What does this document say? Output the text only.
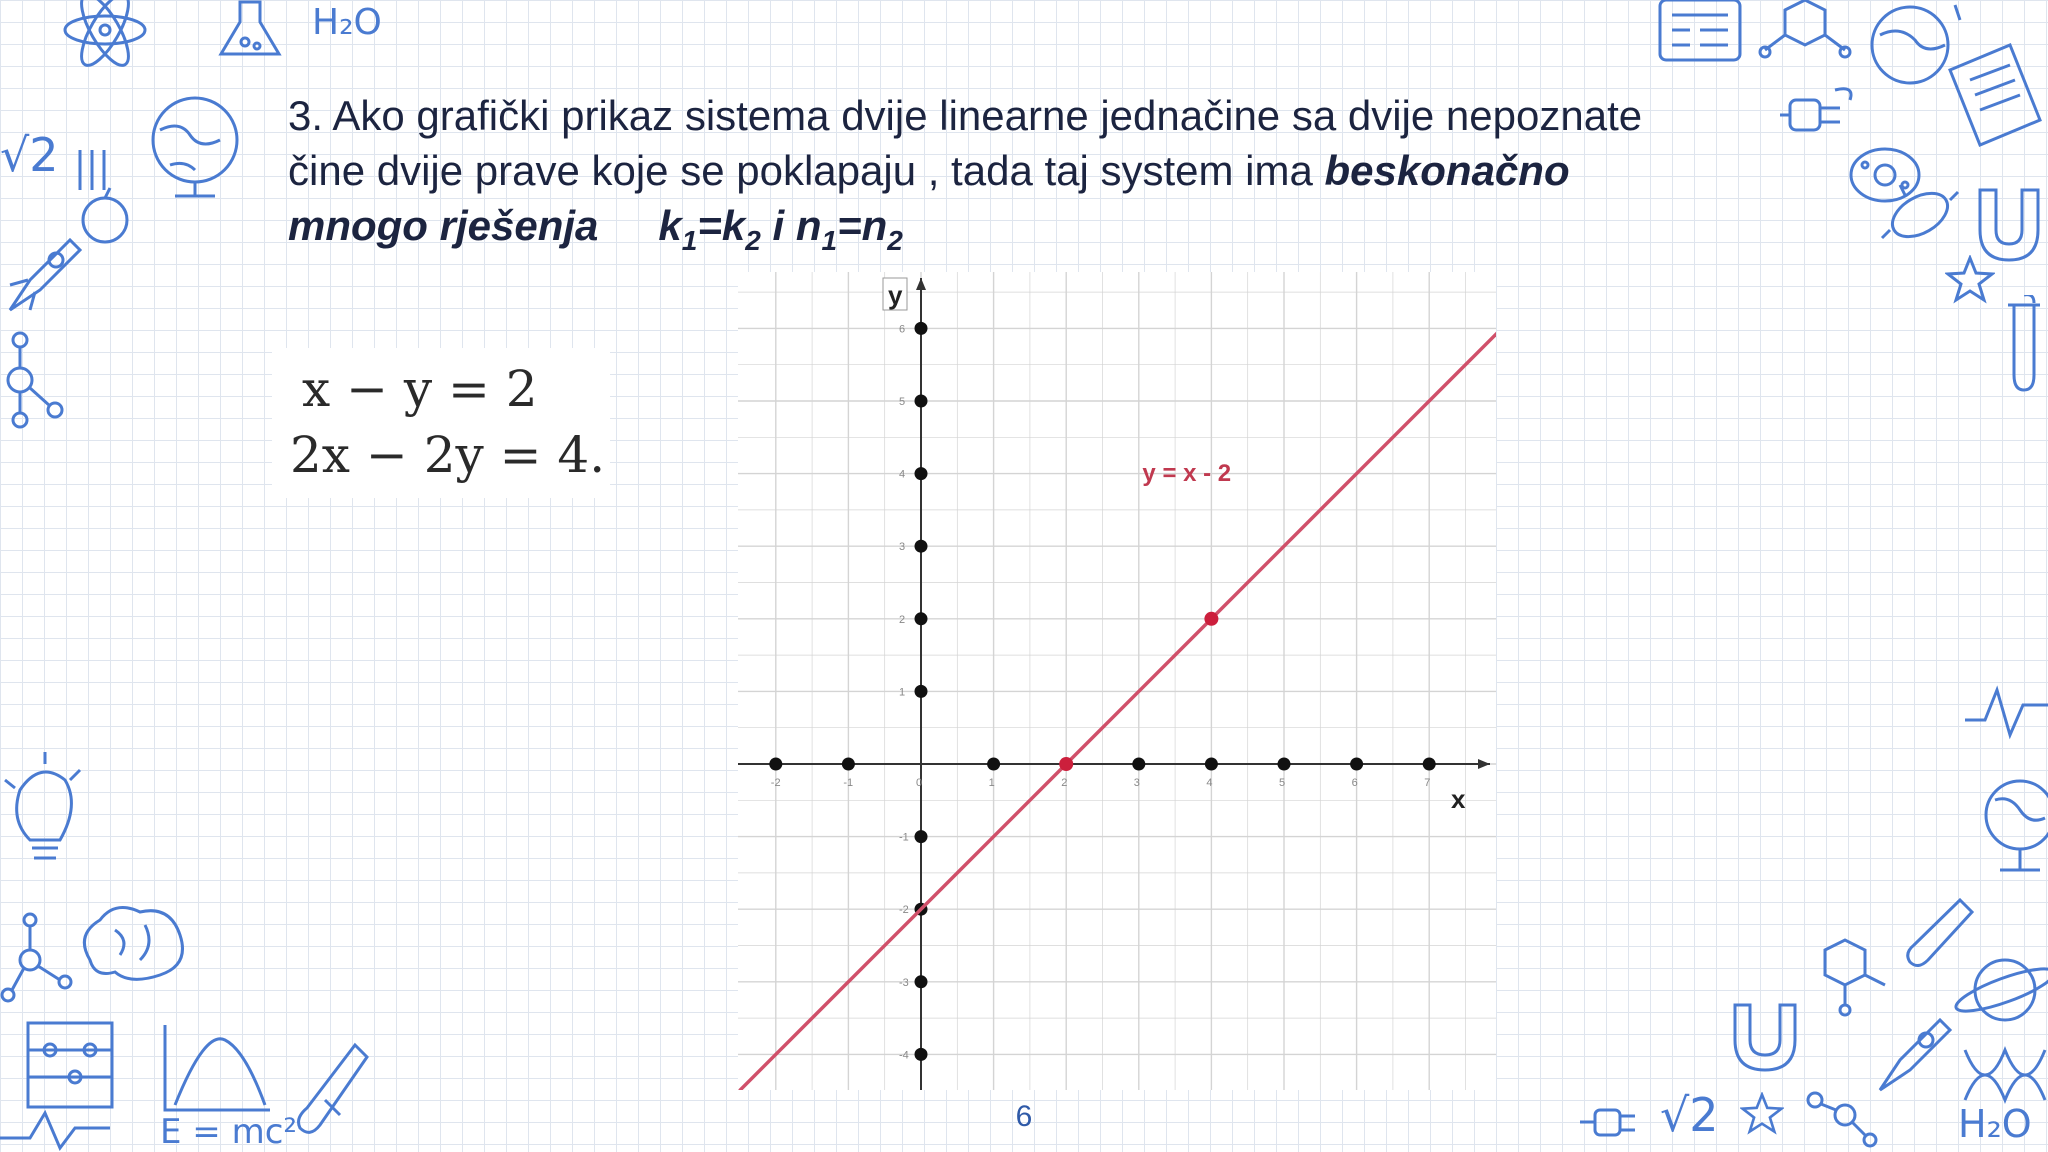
H₂O
√2
E = mc²	√2	H₂O
3. Ako grafički prikaz sistema dvije linearne jednačine sa dvije nepoznate
čine dvije prave koje se poklapaju , tada taj system ima beskonačno
mnogo rješenja $k_1=k_2$ i $n_1=n_2$
x − y = 2
2x − 2y = 4.
x
y
-2	-1	0	1	2	3	4	5	6	7
-4
-3
-2
-1
1
2
3
4
5
6
y = x - 2
6
